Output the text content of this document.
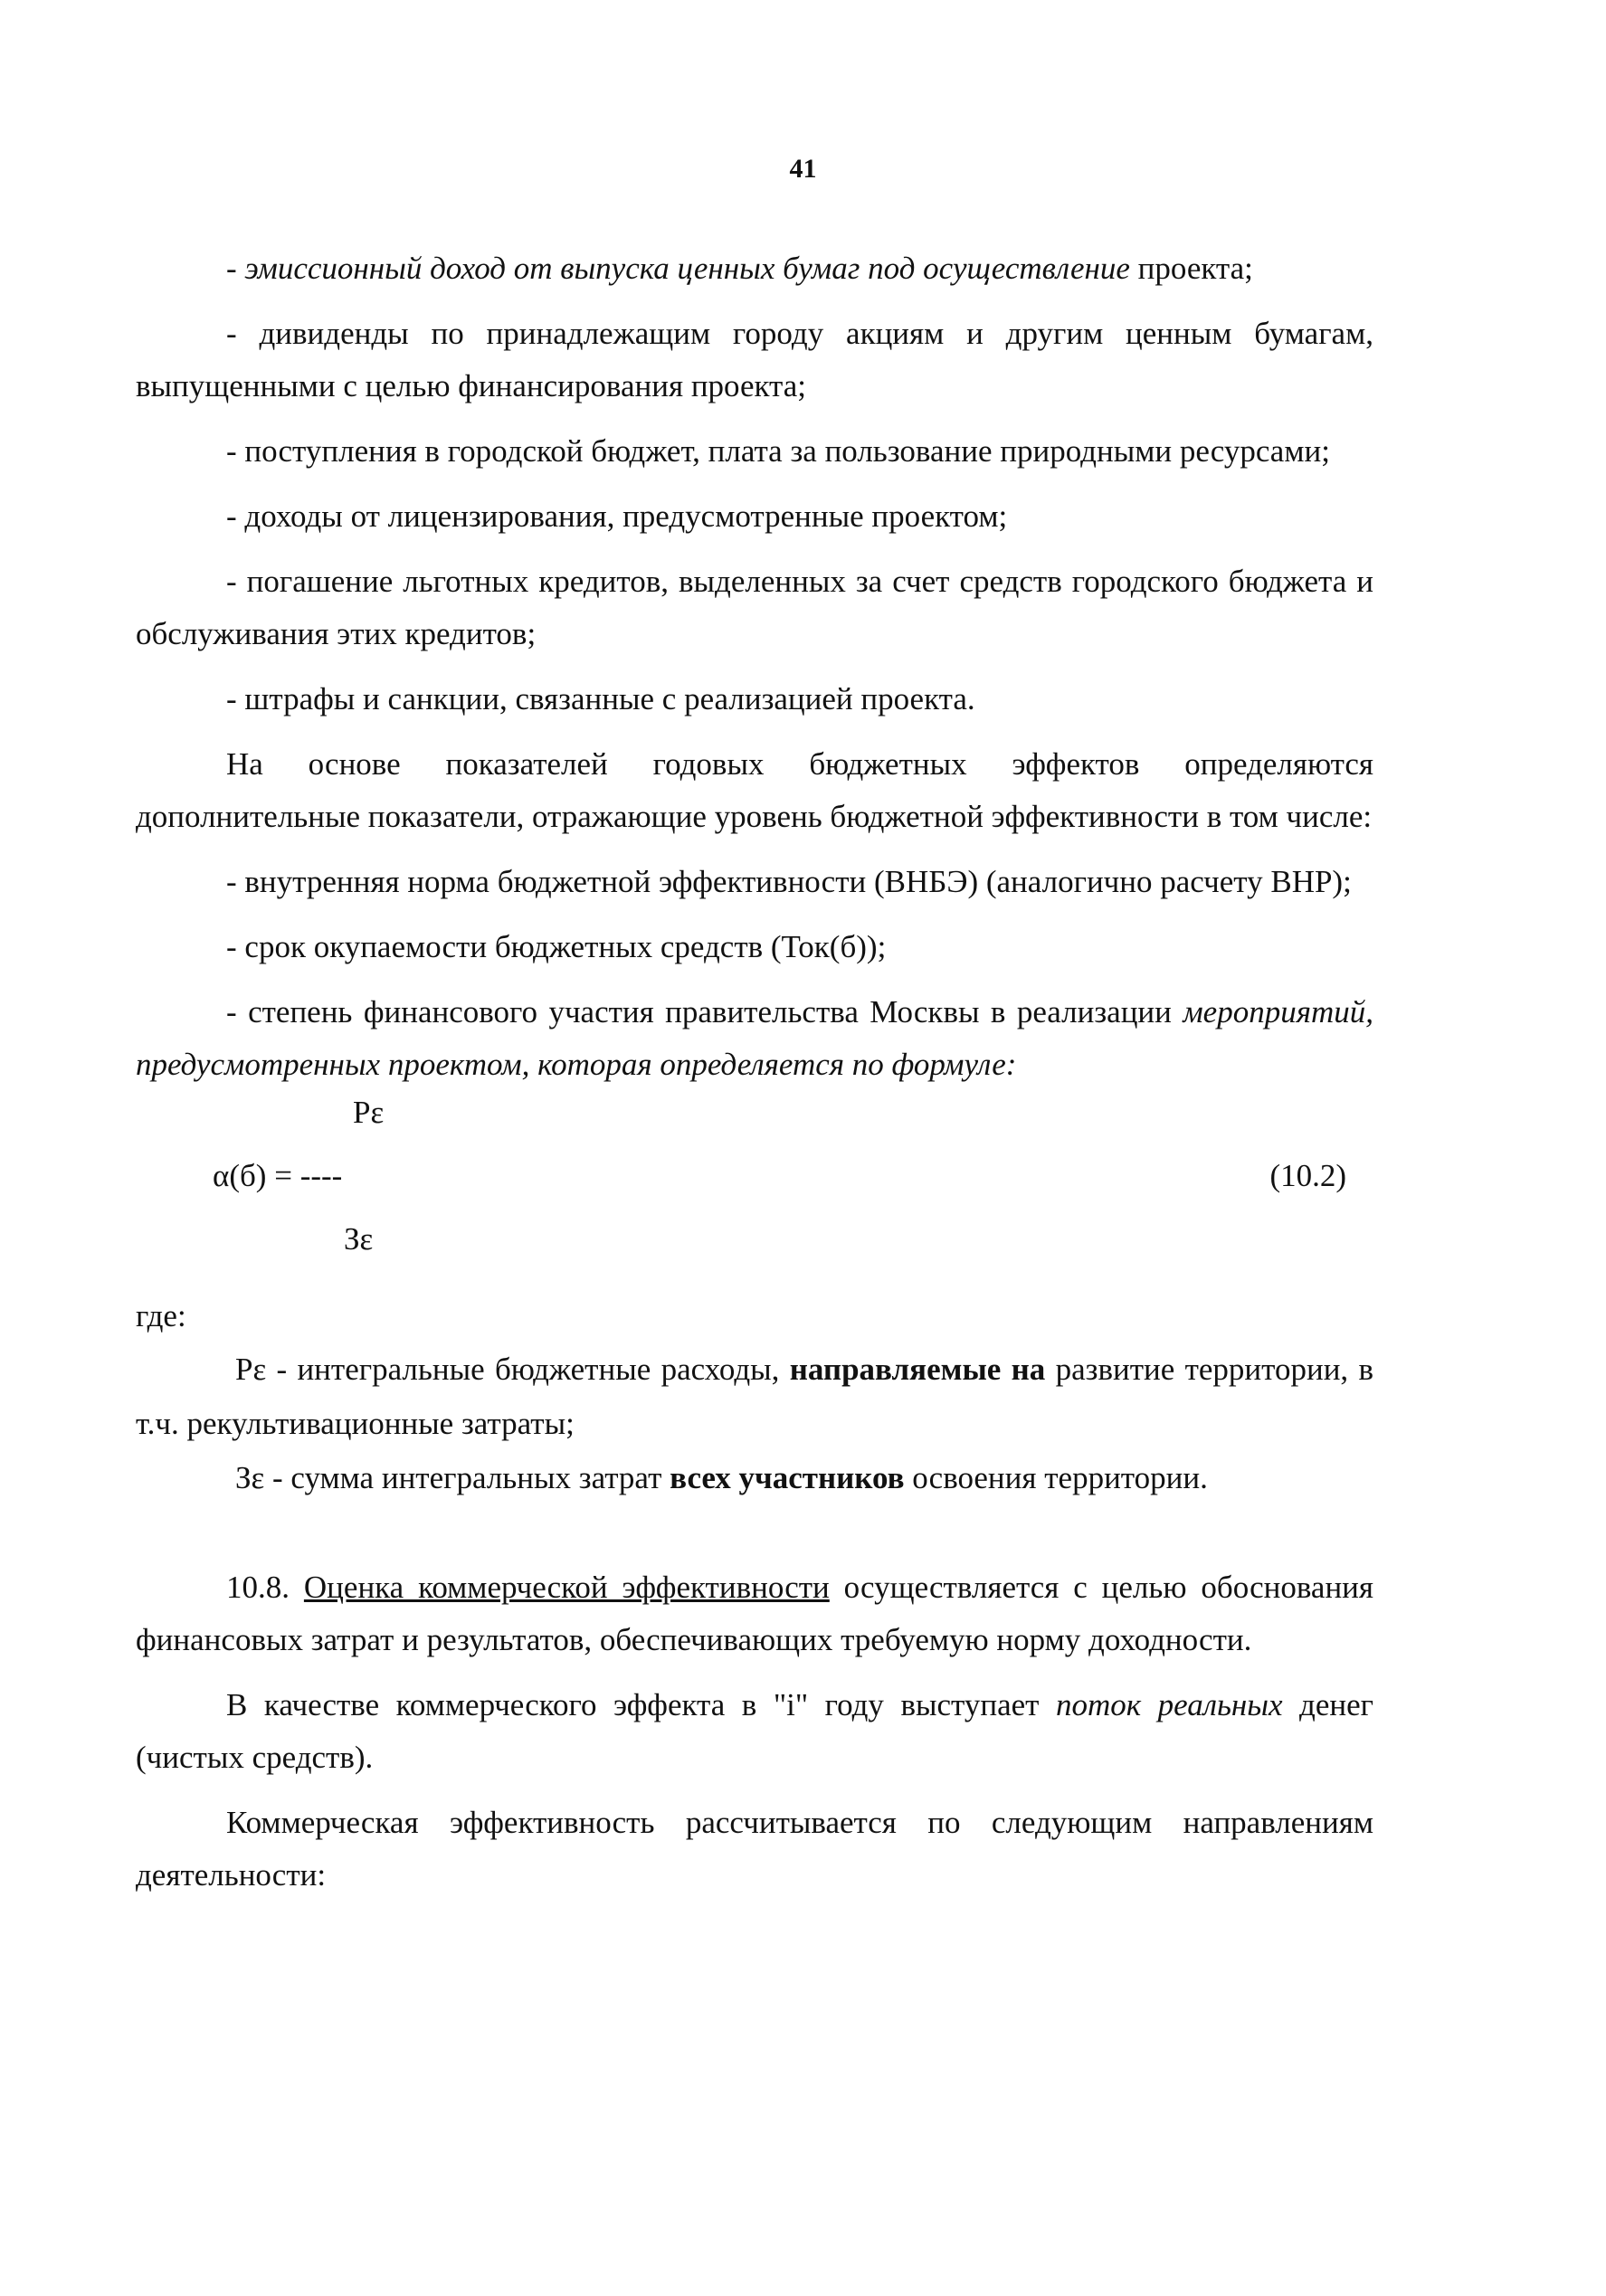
41

- эмиссионный доход от выпуска ценных бумаг под осуществление проекта;

- дивиденды по принадлежащим городу акциям и другим ценным бумагам, выпущенными с целью финансирования проекта;

- поступления в городской бюджет, плата за пользование природными ресурсами;

- доходы от лицензирования, предусмотренные проектом;

- погашение льготных кредитов, выделенных за счет средств городского бюджета и обслуживания этих кредитов;

- штрафы и санкции, связанные с реализацией проекта.

На основе показателей годовых бюджетных эффектов определяются дополнительные показатели, отражающие уровень бюджетной эффективности в том числе:

- внутренняя норма бюджетной эффективности (ВНБЭ) (аналогично расчету ВНР);

- срок окупаемости бюджетных средств (Ток(б));

- степень финансового участия правительства Москвы в реализации мероприятий, предусмотренных проектом, которая определяется по формуле:

Pε
α(б) = ----
Зε
(10.2)

где:

Pε - интегральные бюджетные расходы, направляемые на развитие территории, в т.ч. рекультивационные затраты;

Зε - сумма интегральных затрат всех участников освоения территории.

10.8. Оценка коммерческой эффективности осуществляется с целью обоснования финансовых затрат и результатов, обеспечивающих требуемую норму доходности.

В качестве коммерческого эффекта в "i" году выступает поток реальных денег (чистых средств).

Коммерческая эффективность рассчитывается по следующим направлениям деятельности:
